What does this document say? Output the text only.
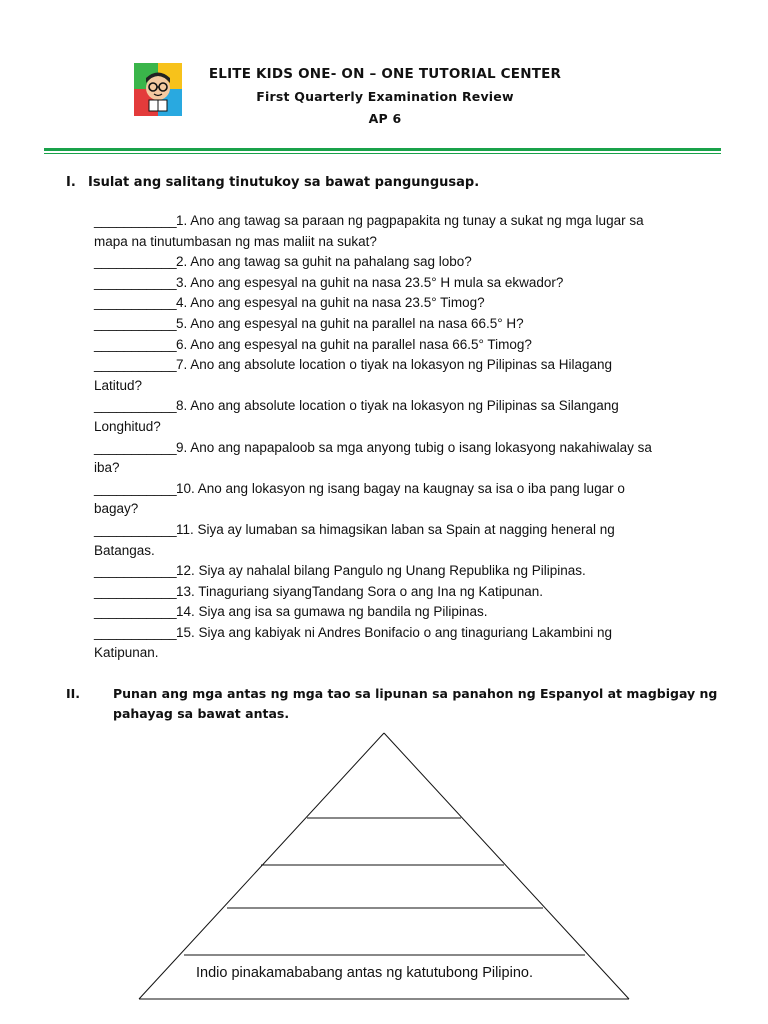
ELITE KIDS ONE- ON – ONE TUTORIAL CENTER
First Quarterly Examination Review
AP 6
I. Isulat ang salitang tinutukoy sa bawat pangungusap.
___________ 1. Ano ang tawag sa paraan ng pagpapakita ng tunay a sukat ng mga lugar sa
mapa na tinutumbasan ng mas maliit na sukat?
___________ 2. Ano ang tawag sa guhit na pahalang sag lobo?
___________ 3. Ano ang espesyal na guhit na nasa 23.5° H mula sa ekwador?
___________ 4. Ano ang espesyal na guhit na nasa 23.5° Timog?
___________ 5. Ano ang espesyal na guhit na parallel na nasa 66.5° H?
___________ 6. Ano ang espesyal na guhit na parallel nasa 66.5° Timog?
___________ 7. Ano ang absolute location o tiyak na lokasyon ng Pilipinas sa Hilagang
Latitud?
___________ 8. Ano ang absolute location o tiyak na lokasyon ng Pilipinas sa Silangang
Longhitud?
___________ 9. Ano ang napapaloob sa mga anyong tubig o isang lokasyong nakahiwalay sa
iba?
___________ 10. Ano ang lokasyon ng isang bagay na kaugnay sa isa o iba pang lugar o
bagay?
___________ 11. Siya ay lumaban sa himagsikan laban sa Spain at nagging heneral ng
Batangas.
___________ 12. Siya ay nahalal bilang Pangulo ng Unang Republika ng Pilipinas.
___________ 13. Tinaguriang siyangTandang Sora o ang Ina ng Katipunan.
___________ 14. Siya ang isa sa gumawa ng bandila ng Pilipinas.
___________ 15. Siya ang kabiyak ni Andres Bonifacio o ang tinaguriang Lakambini ng
Katipunan.
II.	Punan ang mga antas ng mga tao sa lipunan sa panahon ng Espanyol at magbigay ng pahayag sa bawat antas.
Indio pinakamababang antas ng katutubong Pilipino.
